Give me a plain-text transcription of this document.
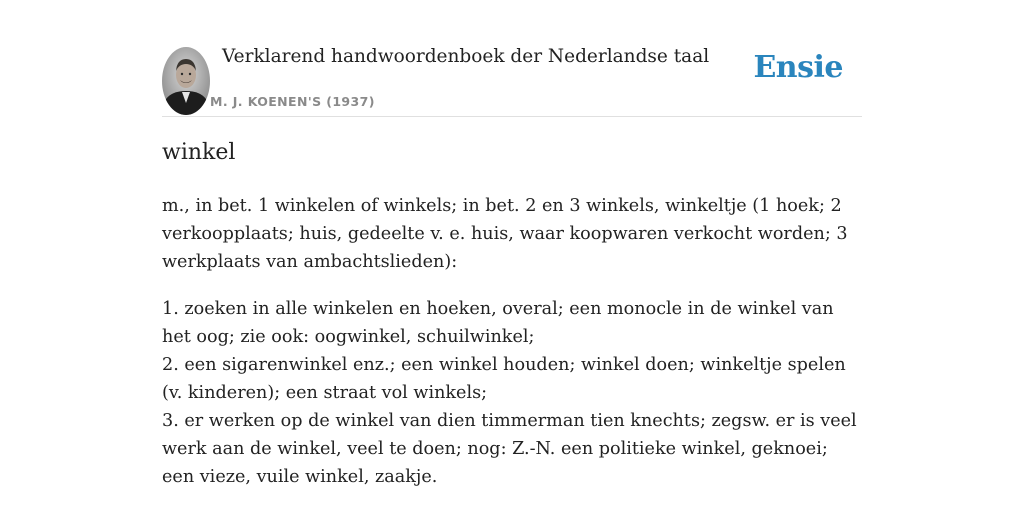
Verklarend handwoordenboek der Nederlandse taal
M. J. KOENEN'S (1937)
Ensie
winkel

m., in bet. 1 winkelen of winkels; in bet. 2 en 3 winkels, winkeltje (1 hoek; 2 verkoopplaats; huis, gedeelte v. e. huis, waar koopwaren verkocht worden; 3 werkplaats van ambachtslieden):

1. zoeken in alle winkelen en hoeken, overal; een monocle in de winkel van het oog; zie ook: oogwinkel, schuilwinkel;
2. een sigarenwinkel enz.; een winkel houden; winkel doen; winkeltje spelen (v. kinderen); een straat vol winkels;
3. er werken op de winkel van dien timmerman tien knechts; zegsw. er is veel werk aan de winkel, veel te doen; nog: Z.-N. een politieke winkel, geknoei; een vieze, vuile winkel, zaakje.
